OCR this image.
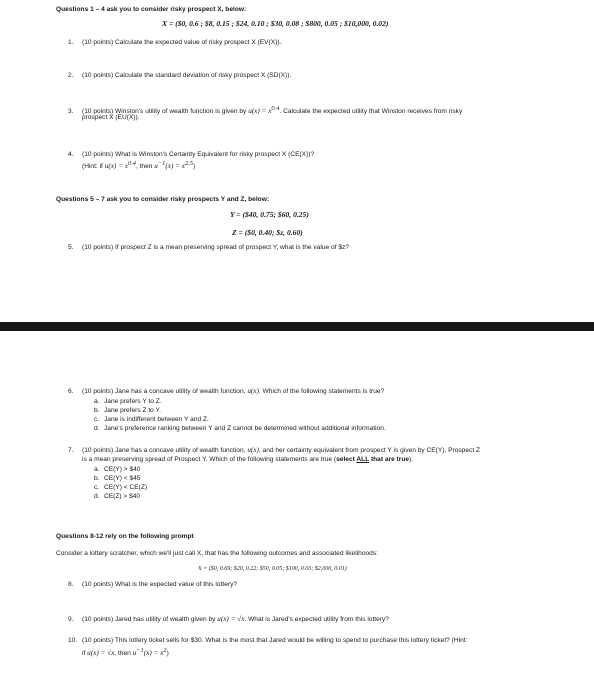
Questions 1 – 4 ask you to consider risky prospect X, below:
X = ($0, 0.6 ; $8, 0.15 ; $24, 0.10 ; $30, 0.08 ; $800, 0.05 ; $10,000, 0.02)
1. (10 points) Calculate the expected value of risky prospect X (EV(X)).
2. (10 points) Calculate the standard deviation of risky prospect X (SD(X)).
3. (10 points) Winston's utility of wealth function is given by $u(x) = x^{0.4}$. Calculate the expected utility that Winston receives from risky
prospect X (EU(X)).
4. (10 points) What is Winston's Certainty Equivalent for risky prospect X (CE(X))?
(Hint: if $u(x) = x^{0.4}$, then $u^{-1}(x) = x^{2.5}$)
Questions 5 – 7 ask you to consider risky prospects Y and Z, below:
Y = ($40, 0.75; $60, 0.25)
Z = ($0, 0.40; $z, 0.60)
5. (10 points) If prospect Z is a mean preserving spread of prospect Y, what is the value of $z?
6. (10 points) Jane has a concave utility of wealth function, u(x). Which of the following statements is true?
a. Jane prefers Y to Z.
b. Jane prefers Z to Y.
c. Jane is indifferent between Y and Z.
d. Jane's preference ranking between Y and Z cannot be determined without additional information.
7. (10 points) Jane has a concave utility of wealth function, u(x), and her certainty equivalent from prospect Y is given by CE(Y). Prospect Z
is a mean preserving spread of Prospect Y. Which of the following statements are true (select ALL that are true).
a. CE(Y) > $40
b. CE(Y) < $45
c. CE(Y) < CE(Z)
d. CE(Z) > $40
Questions 8-12 rely on the following prompt
Consider a lottery scratcher, which we'll just call X, that has the following outcomes and associated likelihoods:
X = ($0, 0.69; $20, 0.22; $50, 0.05; $100, 0.03; $2,000, 0.01)
8. (10 points) What is the expected value of this lottery?
9. (10 points) Jared has utility of wealth given by u(x) = √x. What is Jared's expected utility from this lottery?
10. (10 points) This lottery ticket sells for $30. What is the most that Jared would be willing to spend to purchase this lottery ticket? (Hint:
if u(x) = √x, then $u^{-1}(x) = x^2$)
